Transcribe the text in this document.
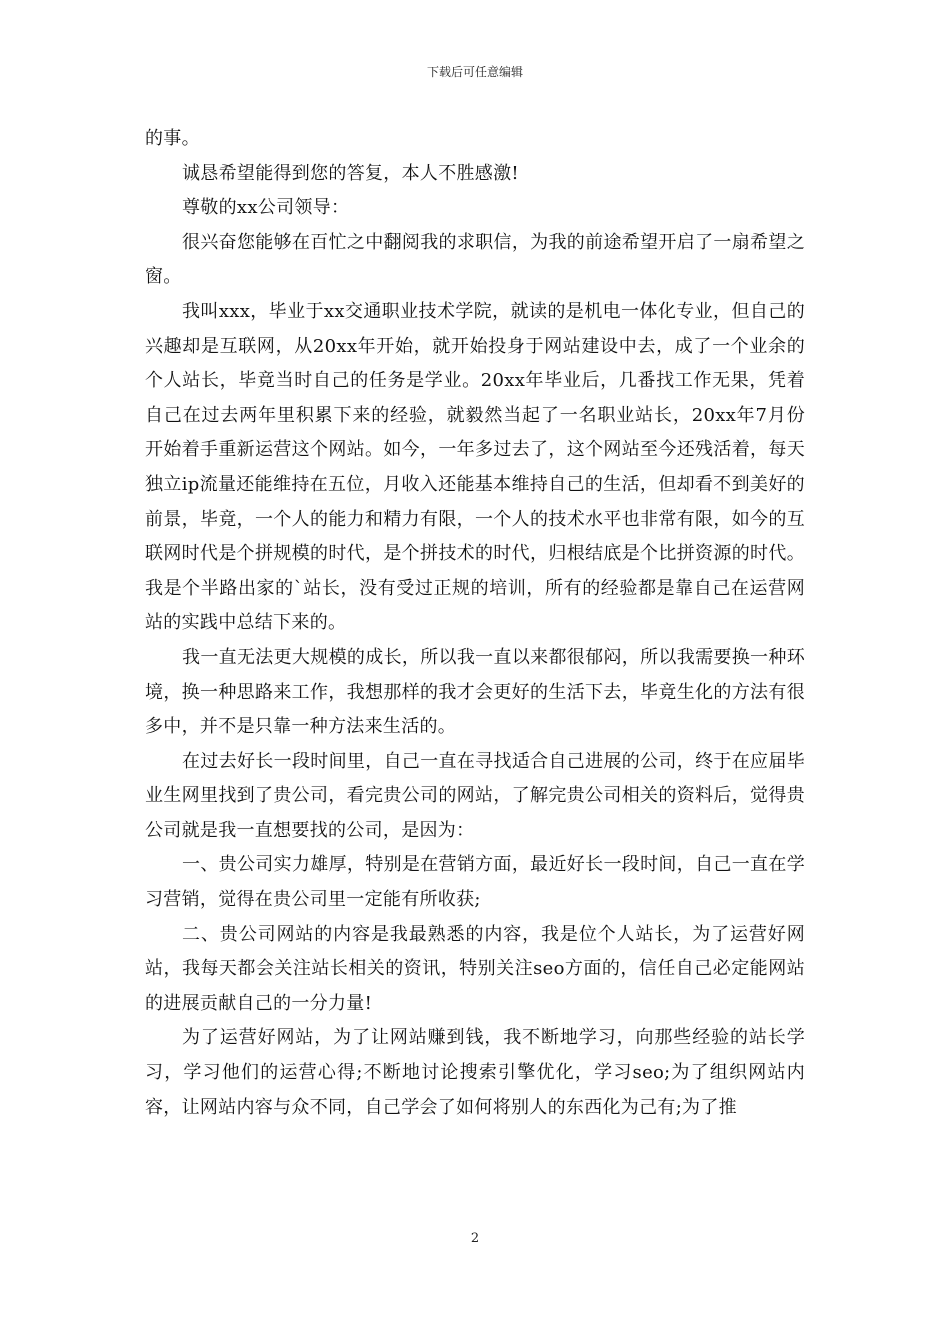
下载后可任意编辑

的事。

诚恳希望能得到您的答复，本人不胜感激!

尊敬的xx公司领导：

很兴奋您能够在百忙之中翻阅我的求职信，为我的前途希望开启了一扇希望之窗。

我叫xxx，毕业于xx交通职业技术学院，就读的是机电一体化专业，但自己的兴趣却是互联网，从20xx年开始，就开始投身于网站建设中去，成了一个业余的个人站长，毕竟当时自己的任务是学业。20xx年毕业后，几番找工作无果，凭着自己在过去两年里积累下来的经验，就毅然当起了一名职业站长，20xx年7月份开始着手重新运营这个网站。如今，一年多过去了，这个网站至今还残活着，每天独立ip流量还能维持在五位，月收入还能基本维持自己的生活，但却看不到美好的前景，毕竟，一个人的能力和精力有限，一个人的技术水平也非常有限，如今的互联网时代是个拼规模的时代，是个拼技术的时代，归根结底是个比拼资源的时代。我是个半路出家的`站长，没有受过正规的培训，所有的经验都是靠自己在运营网站的实践中总结下来的。

我一直无法更大规模的成长，所以我一直以来都很郁闷，所以我需要换一种环境，换一种思路来工作，我想那样的我才会更好的生活下去，毕竟生化的方法有很多中，并不是只靠一种方法来生活的。

在过去好长一段时间里，自己一直在寻找适合自己进展的公司，终于在应届毕业生网里找到了贵公司，看完贵公司的网站，了解完贵公司相关的资料后，觉得贵公司就是我一直想要找的公司，是因为：

一、贵公司实力雄厚，特别是在营销方面，最近好长一段时间，自己一直在学习营销，觉得在贵公司里一定能有所收获;

二、贵公司网站的内容是我最熟悉的内容，我是位个人站长，为了运营好网站，我每天都会关注站长相关的资讯，特别关注seo方面的，信任自己必定能网站的进展贡献自己的一分力量!

为了运营好网站，为了让网站赚到钱，我不断地学习，向那些经验的站长学习，学习他们的运营心得;不断地讨论搜索引擎优化，学习seo;为了组织网站内容，让网站内容与众不同，自己学会了如何将别人的东西化为己有;为了推

2
